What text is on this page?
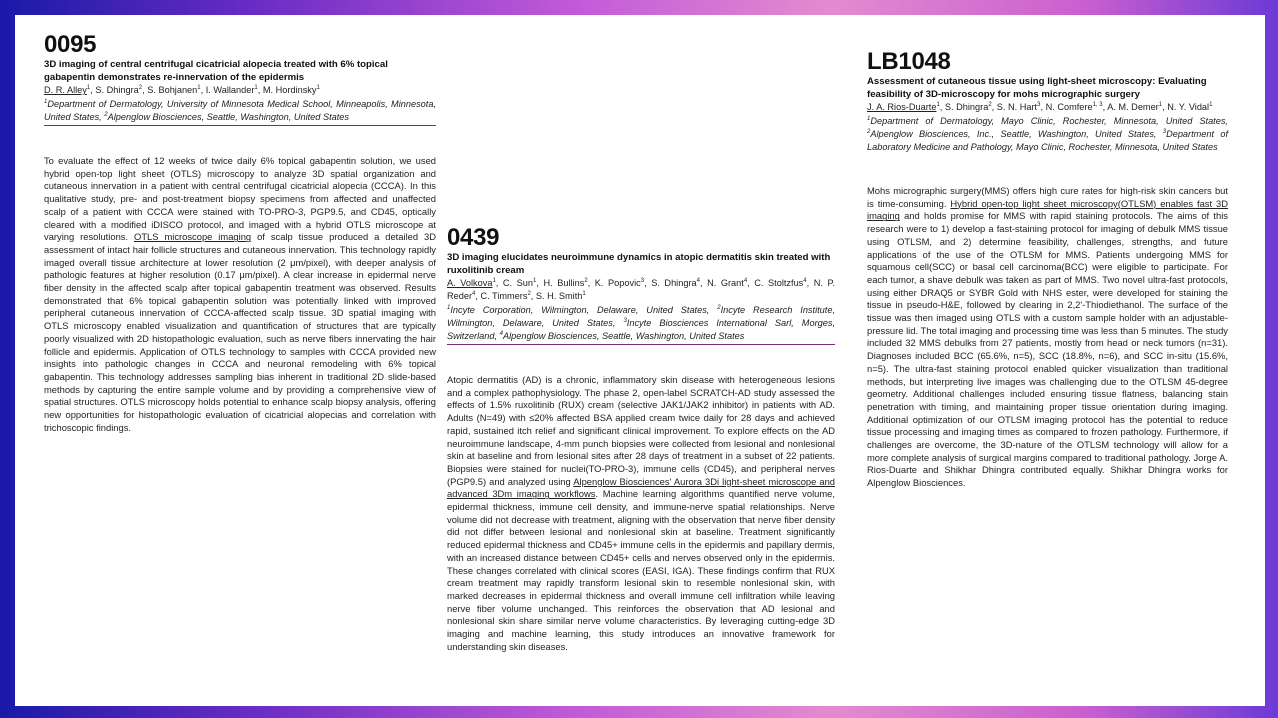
0095
3D imaging of central centrifugal cicatricial alopecia treated with 6% topical gabapentin demonstrates re-innervation of the epidermis
D. R. Alley$^1$, S. Dhingra$^2$, S. Bohjanen$^1$, I. Wallander$^1$, M. Hordinsky$^1$
$^1$Department of Dermatology, University of Minnesota Medical School, Minneapolis, Minnesota, United States, $^2$Alpenglow Biosciences, Seattle, Washington, United States
To evaluate the effect of 12 weeks of twice daily 6% topical gabapentin solution, we used hybrid open-top light sheet (OTLS) microscopy to analyze 3D spatial organization and cutaneous innervation in a patient with central centrifugal cicatricial alopecia (CCCA). In this qualitative study, pre- and post-treatment biopsy specimens from affected and unaffected scalp of a patient with CCCA were stained with TO-PRO-3, PGP9.5, and CD45, optically cleared with a modified iDISCO protocol, and imaged with a hybrid OTLS microscope at varying resolutions. OTLS microscope imaging of scalp tissue produced a detailed 3D assessment of intact hair follicle structures and cutaneous innervation. This technology rapidly imaged overall tissue architecture at lower resolution (2 μm/pixel), with deeper analysis of pathologic features at higher resolution (0.17 μm/pixel). A clear increase in epidermal nerve fiber density in the affected scalp after topical gabapentin treatment was observed. Results demonstrated that 6% topical gabapentin solution was potentially linked with improved peripheral cutaneous innervation of CCCA-affected scalp tissue. 3D spatial imaging with OTLS microscopy enabled visualization and quantification of structures that are typically poorly visualized with 2D histopathologic evaluation, such as nerve fibers innervating the hair follicle and epidermis. Application of OTLS technology to samples with CCCA provided new insights into pathologic changes in CCCA and neuronal remodeling with 6% topical gabapentin. This technology addresses sampling bias inherent in traditional 2D slide-based methods by capturing the entire sample volume and by providing a comprehensive view of spatial structures. OTLS microscopy holds potential to enhance scalp biopsy analysis, offering new opportunities for histopathologic evaluation of cicatricial alopecias and correlation with trichoscopic findings.
0439
3D imaging elucidates neuroimmune dynamics in atopic dermatitis skin treated with ruxolitinib cream
A. Volkova$^1$, C. Sun$^1$, H. Bullins$^2$, K. Popovic$^3$, S. Dhingra$^4$, N. Grant$^4$, C. Stoltzfus$^4$, N. P. Reder$^4$, C. Timmers$^2$, S. H. Smith$^1$
$^1$Incyte Corporation, Wilmington, Delaware, United States, $^2$Incyte Research Institute, Wilmington, Delaware, United States, $^3$Incyte Biosciences International Sarl, Morges, Switzerland, $^4$Alpenglow Biosciences, Seattle, Washington, United States
Atopic dermatitis (AD) is a chronic, inflammatory skin disease with heterogeneous lesions and a complex pathophysiology. The phase 2, open-label SCRATCH-AD study assessed the effects of 1.5% ruxolitinib (RUX) cream (selective JAK1/JAK2 inhibitor) in patients with AD. Adults (N=49) with ≤20% affected BSA applied cream twice daily for 28 days and achieved rapid, sustained itch relief and significant clinical improvement. To explore effects on the AD neuroimmune landscape, 4-mm punch biopsies were collected from lesional and nonlesional skin at baseline and from lesional sites after 28 days of treatment in a subset of 22 patients. Biopsies were stained for nuclei(TO-PRO-3), immune cells (CD45), and peripheral nerves (PGP9.5) and analyzed using Alpenglow Biosciences' Aurora 3Di light-sheet microscope and advanced 3Dm imaging workflows. Machine learning algorithms quantified nerve volume, epidermal thickness, immune cell density, and immune-nerve spatial relationships. Nerve volume did not decrease with treatment, aligning with the observation that nerve fiber density did not differ between lesional and nonlesional skin at baseline. Treatment significantly reduced epidermal thickness and CD45+ immune cells in the epidermis and papillary dermis, with an increased distance between CD45+ cells and nerves observed only in the epidermis. These changes correlated with clinical scores (EASI, IGA). These findings confirm that RUX cream treatment may rapidly transform lesional skin to resemble nonlesional skin, with marked decreases in epidermal thickness and overall immune cell infiltration while leaving nerve fiber volume unchanged. This reinforces the observation that AD lesional and nonlesional skin share similar nerve volume characteristics. By leveraging cutting-edge 3D imaging and machine learning, this study introduces an innovative framework for understanding skin diseases.
LB1048
Assessment of cutaneous tissue using light-sheet microscopy: Evaluating feasibility of 3D-microscopy for mohs micrographic surgery
J. A. Rios-Duarte$^1$, S. Dhingra$^2$, S. N. Hart$^3$, N. Comfere$^{1, 3}$, A. M. Demer$^1$, N. Y. Vidal$^1$
$^1$Department of Dermatology, Mayo Clinic, Rochester, Minnesota, United States, $^2$Alpenglow Biosciences, Inc., Seattle, Washington, United States, $^3$Department of Laboratory Medicine and Pathology, Mayo Clinic, Rochester, Minnesota, United States
Mohs micrographic surgery(MMS) offers high cure rates for high-risk skin cancers but is time-consuming. Hybrid open-top light sheet microscopy(OTLSM) enables fast 3D imaging and holds promise for MMS with rapid staining protocols. The aims of this research were to 1) develop a fast-staining protocol for imaging of debulk MMS tissue using OTLSM, and 2) determine feasibility, challenges, strengths, and future applications of the use of the OTLSM for MMS. Patients undergoing MMS for squamous cell(SCC) or basal cell carcinoma(BCC) were eligible to participate. For each tumor, a shave debulk was taken as part of MMS. Two novel ultra-fast protocols, using either DRAQ5 or SYBR Gold with NHS ester, were developed for staining the tissue in pseudo-H&E, followed by clearing in 2,2'-Thiodiethanol. The surface of the tissue was then imaged using OTLS with a custom sample holder with an adjustable-pressure lid. The total imaging and processing time was less than 5 minutes. The study included 32 MMS debulks from 27 patients, mostly from head or neck tumors (n=31). Diagnoses included BCC (65.6%, n=5), SCC (18.8%, n=6), and SCC in-situ (15.6%, n=5). The ultra-fast staining protocol enabled quicker visualization than traditional methods, but interpreting live images was challenging due to the OTLSM 45-degree geometry. Additional challenges included ensuring tissue flatness, balancing stain penetration with timing, and maintaining proper tissue orientation during imaging. Additional optimization of our OTLSM imaging protocol has the potential to reduce tissue processing and imaging times as compared to frozen pathology. Furthermore, if challenges are overcome, the 3D-nature of the OTLSM technology will allow for a more complete analysis of surgical margins compared to traditional pathology. Jorge A. Rios-Duarte and Shikhar Dhingra contributed equally. Shikhar Dhingra works for Alpenglow Biosciences.
